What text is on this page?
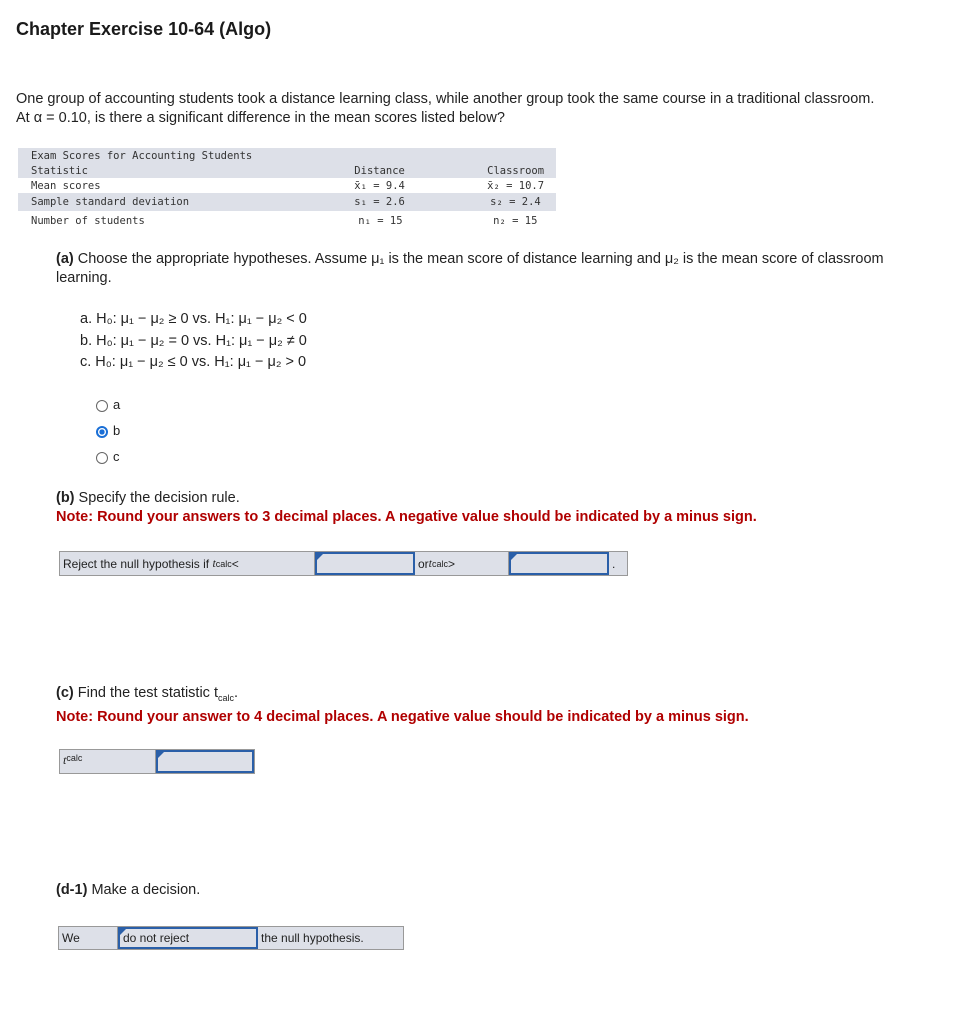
Chapter Exercise 10-64 (Algo)
One group of accounting students took a distance learning class, while another group took the same course in a traditional classroom.
At α = 0.10, is there a significant difference in the mean scores listed below?
Exam Scores for Accounting Students		
Statistic	Distance	Classroom
Mean scores	x̄₁ = 9.4	x̄₂ = 10.7
Sample standard deviation	s₁ = 2.6	s₂ = 2.4
Number of students	n₁ = 15	n₂ = 15
(a) Choose the appropriate hypotheses. Assume μ₁ is the mean score of distance learning and μ₂ is the mean score of classroom learning.
a. H₀: μ₁ − μ₂ ≥ 0 vs. H₁: μ₁ − μ₂ < 0
b. H₀: μ₁ − μ₂ = 0 vs. H₁: μ₁ − μ₂ ≠ 0
c. H₀: μ₁ − μ₂ ≤ 0 vs. H₁: μ₁ − μ₂ > 0
a
b
c
(b) Specify the decision rule.
Note: Round your answers to 3 decimal places. A negative value should be indicated by a minus sign.
Reject the null hypothesis if
t calc <	or t calc >	.
(c) Find the test statistic $t_{calc}$.
Note: Round your answer to 4 decimal places. A negative value should be indicated by a minus sign.
$t^{calc}$
(d-1) Make a decision.
We	do not reject	the null hypothesis.
